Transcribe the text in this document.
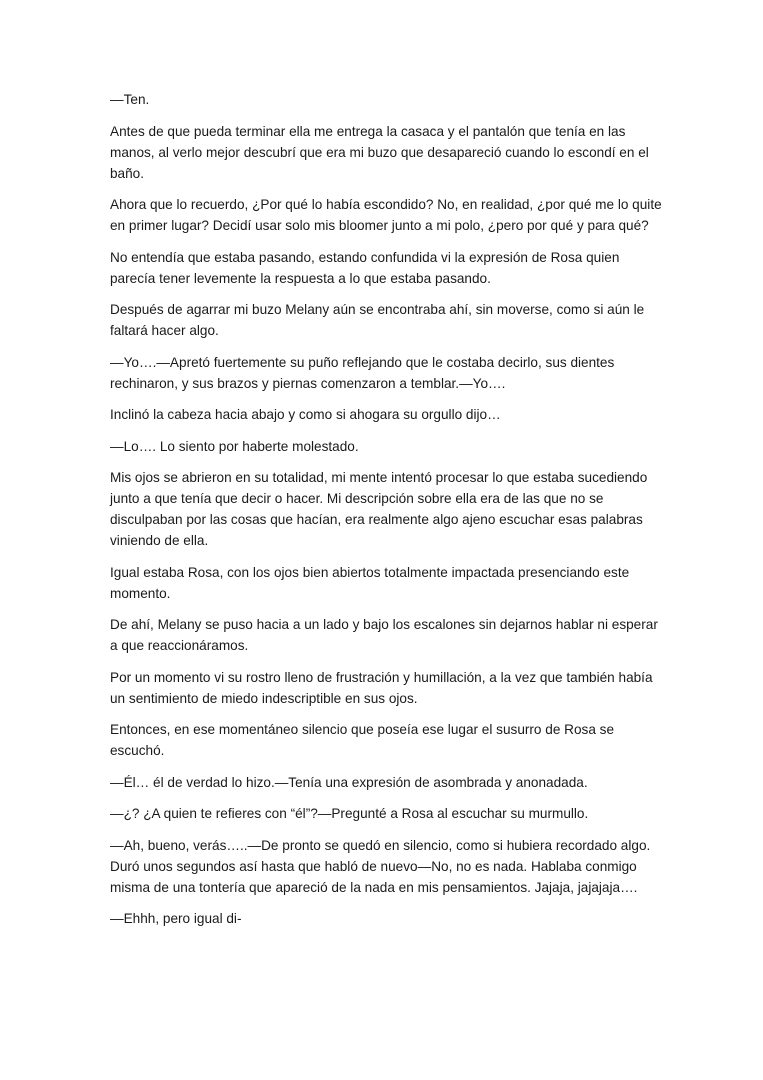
—Ten.

Antes de que pueda terminar ella me entrega la casaca y el pantalón que tenía en las manos, al verlo mejor descubrí que era mi buzo que desapareció cuando lo escondí en el baño.

Ahora que lo recuerdo, ¿Por qué lo había escondido? No, en realidad, ¿por qué me lo quite en primer lugar? Decidí usar solo mis bloomer junto a mi polo, ¿pero por qué y para qué?

No entendía que estaba pasando, estando confundida vi la expresión de Rosa quien parecía tener levemente la respuesta a lo que estaba pasando.

Después de agarrar mi buzo Melany aún se encontraba ahí, sin moverse, como si aún le faltará hacer algo.

—Yo….—Apretó fuertemente su puño reflejando que le costaba decirlo, sus dientes rechinaron, y sus brazos y piernas comenzaron a temblar.—Yo….

Inclinó la cabeza hacia abajo y como si ahogara su orgullo dijo…

—Lo…. Lo siento por haberte molestado.

Mis ojos se abrieron en su totalidad, mi mente intentó procesar lo que estaba sucediendo junto a que tenía que decir o hacer. Mi descripción sobre ella era de las que no se disculpaban por las cosas que hacían, era realmente algo ajeno escuchar esas palabras viniendo de ella.

Igual estaba Rosa, con los ojos bien abiertos totalmente impactada presenciando este momento.

De ahí, Melany se puso hacia a un lado y bajo los escalones sin dejarnos hablar ni esperar a que reaccionáramos.

Por un momento vi su rostro lleno de frustración y humillación, a la vez que también había un sentimiento de miedo indescriptible en sus ojos.

Entonces, en ese momentáneo silencio que poseía ese lugar el susurro de Rosa se escuchó.

—Él… él de verdad lo hizo.—Tenía una expresión de asombrada y anonadada.

—¿? ¿A quien te refieres con “él”?—Pregunté a Rosa al escuchar su murmullo.

—Ah, bueno, verás…..—De pronto se quedó en silencio, como si hubiera recordado algo. Duró unos segundos así hasta que habló de nuevo—No, no es nada. Hablaba conmigo misma de una tontería que apareció de la nada en mis pensamientos. Jajaja, jajajaja….

—Ehhh, pero igual di-
